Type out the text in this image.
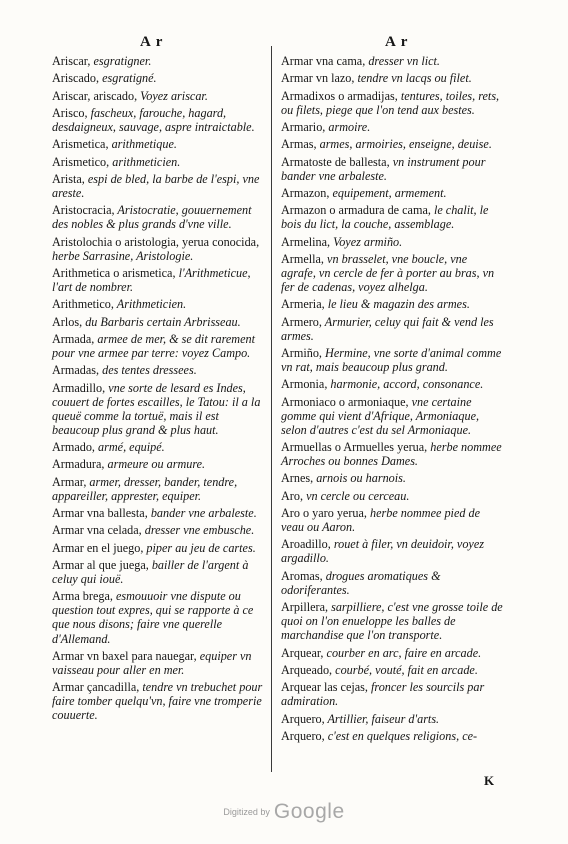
A r	A r
Ariscar, esgratigner.
Ariscado, esgratigné.
Ariscar, ariscado, Voyez ariscar.
Arisco, fascheux, farouche, hagard, desdaigneux, sauvage, aspre intraictable.
Arismetica, arithmetique.
Arismetico, arithmeticien.
Arista, espi de bled, la barbe de l'espi, vne areste.
Aristocracia, Aristocratie, gouuernement des nobles & plus grands d'vne ville.
Aristolochia o aristologia, yerua conocida, herbe Sarrasine, Aristologie.
Arithmetica o arismetica, l'Arithmeticue, l'art de nombrer.
Arithmetico, Arithmeticien.
Arlos, du Barbaris certain Arbrisseau.
Armada, armee de mer, & se dit rarement pour vne armee par terre: voyez Campo.
Armadas, des tentes dressees.
Armadillo, vne sorte de lesard es Indes, couuert de fortes escailles, le Tatou: il a la queuë comme la tortuë, mais il est beaucoup plus grand & plus haut.
Armado, armé, equipé.
Armadura, armeure ou armure.
Armar, armer, dresser, bander, tendre, appareiller, apprester, equiper.
Armar vna ballesta, bander vne arbaleste.
Armar vna celada, dresser vne embusche.
Armar en el juego, piper au jeu de cartes.
Armar al que juega, bailler de l'argent à celuy qui iouë.
Arma brega, esmouuoir vne dispute ou question tout expres, qui se rapporte à ce que nous disons; faire vne querelle d'Allemand.
Armar vn baxel para nauegar, equiper vn vaisseau pour aller en mer.
Armar çancadilla, tendre vn trebuchet pour faire tomber quelqu'vn, faire vne tromperie couuerte.
Armar vna cama, dresser vn lict.
Armar vn lazo, tendre vn lacqs ou filet.
Armadixos o armadijas, tentures, toiles, rets, ou filets, piege que l'on tend aux bestes.
Armario, armoire.
Armas, armes, armoiries, enseigne, deuise.
Armatoste de ballesta, vn instrument pour bander vne arbaleste.
Armazon, equipement, armement.
Armazon o armadura de cama, le chalit, le bois du lict, la couche, assemblage.
Armelina, Voyez armiño.
Armella, vn brasselet, vne boucle, vne agrafe, vn cercle de fer à porter au bras, vn fer de cadenas, voyez alhelga.
Armeria, le lieu & magazin des armes.
Armero, Armurier, celuy qui fait & vend les armes.
Armiño, Hermine, vne sorte d'animal comme vn rat, mais beaucoup plus grand.
Armonia, harmonie, accord, consonance.
Armoniaco o armoniaque, vne certaine gomme qui vient d'Afrique, Armoniaque, selon d'autres c'est du sel Armoniaque.
Armuellas o Armuelles yerua, herbe nommee Arroches ou bonnes Dames.
Arnes, arnois ou harnois.
Aro, vn cercle ou cerceau.
Aro o yaro yerua, herbe nommee pied de veau ou Aaron.
Aroadillo, rouet à filer, vn deuidoir, voyez argadillo.
Aromas, drogues aromatiques & odoriferantes.
Arpillera, sarpilliere, c'est vne grosse toile de quoi on l'on enueloppe les balles de marchandise que l'on transporte.
Arquear, courber en arc, faire en arcade.
Arqueado, courbé, vouté, fait en arcade.
Arquear las cejas, froncer les sourcils par admiration.
Arquero, Artillier, faiseur d'arts.
Arquero, c'est en quelques religions, ce-
K
Digitized by Google
